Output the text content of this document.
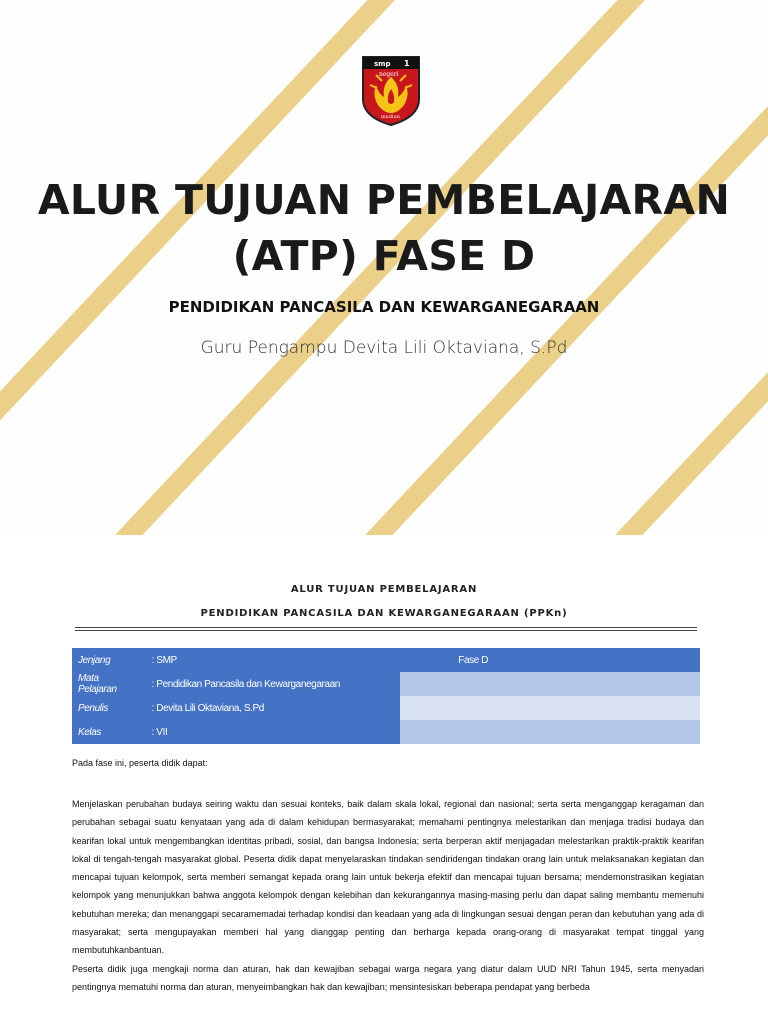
smp 1
negeri
madiun
ALUR TUJUAN PEMBELAJARAN
(ATP) FASE D
PENDIDIKAN PANCASILA DAN KEWARGANEGARAAN
Guru Pengampu Devita Lili Oktaviana, S.Pd
ALUR TUJUAN PEMBELAJARAN
PENDIDIKAN PANCASILA DAN KEWARGANEGARAAN (PPKn)
Jenjang	: SMP	Fase D
Mata Pelajaran	: Pendidikan Pancasila dan Kewarganegaraan	
Penulis	: Devita Lili Oktaviana, S.Pd	
Kelas	: VII	
Pada fase ini, peserta didik dapat:

Menjelaskan perubahan budaya seiring waktu dan sesuai konteks, baik dalam skala lokal, regional dan nasional; serta serta menganggap keragaman dan perubahan sebagai suatu kenyataan yang ada di dalam kehidupan bermasyarakat; memahami pentingnya melestarikan dan menjaga tradisi budaya dan kearifan lokal untuk mengembangkan identitas pribadi, sosial, dan bangsa Indonesia; serta berperan aktif menjagadan melestarikan praktik-praktik kearifan lokal di tengah-tengah masyarakat global. Peserta didik dapat menyelaraskan tindakan sendiridengan tindakan orang lain untuk melaksanakan kegiatan dan mencapai tujuan kelompok, serta memberi semangat kepada orang lain untuk bekerja efektif dan mencapai tujuan bersama; mendemonstrasikan kegiatan kelompok yang menunjukkan bahwa anggota kelompok dengan kelebihan dan kekurangannya masing-masing perlu dan dapat saling membantu memenuhi kebutuhan mereka; dan menanggapi secaramemadai terhadap kondisi dan keadaan yang ada di lingkungan sesuai dengan peran dan kebutuhan yang ada di masyarakat; serta mengupayakan memberi hal yang dianggap penting dan berharga kepada orang-orang di masyarakat tempat tinggal yang membutuhkanbantuan.

Peserta didik juga mengkaji norma dan aturan, hak dan kewajiban sebagai warga negara yang diatur dalam UUD NRI Tahun 1945, serta menyadari pentingnya mematuhi norma dan aturan, menyeimbangkan hak dan kewajiban; mensintesiskan beberapa pendapat yang berbeda
